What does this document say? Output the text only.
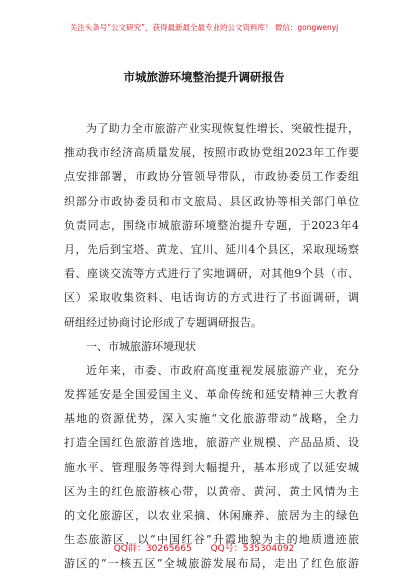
关注头条号“公文研究”，获得最新最全最专业的公文资料库！ 微信：gongwenyj
市城旅游环境整治提升调研报告
为了助力全市旅游产业实现恢复性增长、突破性提升，
推动我市经济高质量发展，按照市政协党组2023年工作要
点安排部署，市政协分管领导带队，市政协委员工作委组
织部分市政协委员和市文旅局、县区政协等相关部门单位
负责同志，围绕市城旅游环境整治提升专题，于2023年4
月，先后到宝塔、黄龙、宜川、延川4个县区，采取现场察
看、座谈交流等方式进行了实地调研，对其他9个县（市、
区）采取收集资料、电话询访的方式进行了书面调研，调
研组经过协商讨论形成了专题调研报告。
一、市城旅游环境现状
近年来，市委、市政府高度重视发展旅游产业，充分
发挥延安是全国爱国主义、革命传统和延安精神三大教育
基地的资源优势，深入实施“文化旅游带动”战略，全力
打造全国红色旅游首选地，旅游产业规模、产品品质、设
施水平、管理服务等得到大幅提升，基本形成了以延安城
区为主的红色旅游核心带，以黄帝、黄河、黄土风情为主
的文化旅游区，以农业采摘、休闲廉养、旅居为主的绿色
生态旅游区，以“中国红谷”升霞地貌为主的地质遗迹旅
游区的“一核五区”全城旅游发展布局，走出了红色旅游
QQ群：30265665 QQ号：535304092
